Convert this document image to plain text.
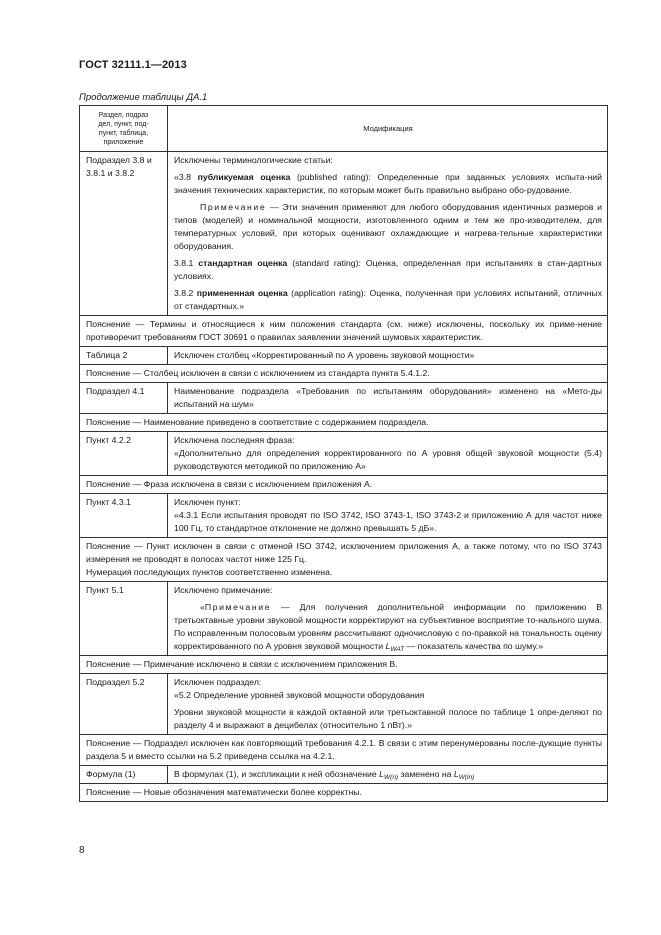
ГОСТ 32111.1—2013
Продолжение таблицы ДА.1
Раздел, подраз
дел, пункт, под-
пункт, таблица,
приложение	Модификация
Подраздел 3.8 и 3.8.1 и 3.8.2	Исключены терминологические статьи:

«3.8 публикуемая оценка (published rating): Определенные при заданных условиях испыта-ний значения технических характеристик, по которым может быть правильно выбрано обо-рудование.

Примечание — Эти значения применяют для любого оборудования идентичных размеров и типов (моделей) и номинальной мощности, изготовленного одним и тем же про-изводителем, для температурных условий, при которых оценивают охлаждающие и нагрева-тельные характеристики оборудования.

3.8.1 стандартная оценка (standard rating): Оценка, определенная при испытаниях в стан-дартных условиях.

3.8.2 примененная оценка (application rating): Оценка, полученная при условиях испытаний, отличных от стандартных.»

Пояснение — Термины и относящиеся к ним положения стандарта (см. ниже) исключены, поскольку их приме-нение противоречит требованиям ГОСТ 30691 о правилах заявлении значений шумовых характеристик.	

Таблица 2	Исключен столбец «Корректированный по А уровень звуковой мощности»

Пояснение — Столбец исключен в связи с исключением из стандарта пункта 5.4.1.2.	

Подраздел 4.1	Наименование подраздела «Требования по испытаниям оборудования» изменено на «Мето-ды испытаний на шум»

Пояснение — Наименование приведено в соответствие с содержанием подраздела.	

Пункт 4.2.2	Исключена последняя фраза:

«Дополнительно для определения корректированного по А уровня общей звуковой мощности (5.4) руководствуются методикой по приложению А»

Пояснение — Фраза исключена в связи с исключением приложения А.	

Пункт 4.3.1	Исключен пункт:

«4.3.1 Если испытания проводят по ISO 3742, ISO 3743-1, ISO 3743-2 и приложению А для частот ниже 100 Гц, то стандартное отклонение не должно превышать 5 дБ».

Пояснение — Пункт исключен в связи с отменой ISO 3742, исключением приложения А, а также потому, что по ISO 3743 измерения не проводят в полосах частот ниже 125 Гц.

Нумерация последующих пунктов соответственно изменена.	

Пункт 5.1	Исключено примечание:

«Примечание — Для получения дополнительной информации по приложению В третьоктавные уровни звуковой мощности корректируют на субъективное восприятие то-нального шума. По исправленным полосовым уровням рассчитывают одночисловую с по-правкой на тональность оценку корректированного по А уровня звуковой мощности $L_{WAT}$ — показатель качества по шуму.»

Пояснение — Примечание исключено в связи с исключением приложения В.	

Подраздел 5.2	Исключен подраздел:

«5.2 Определение уровней звуковой мощности оборудования

Уровни звуковой мощности в каждой октавной или третьоктавной полосе по таблице 1 опре-деляют по разделу 4 и выражают в децибелах (относительно 1 пВт).»

Пояснение — Подраздел исключен как повторяющий требования 4.2.1. В связи с этим перенумерованы после-дующие пункты раздела 5 и вместо ссылки на 5.2 приведена ссылка на 4.2.1.	

Формула (1)	В формулах (1), и экспликации к ней обозначение $L_{W(n)}$ заменено на $L_{W(in)}$

Пояснение — Новые обозначения математически более корректны.	

8
